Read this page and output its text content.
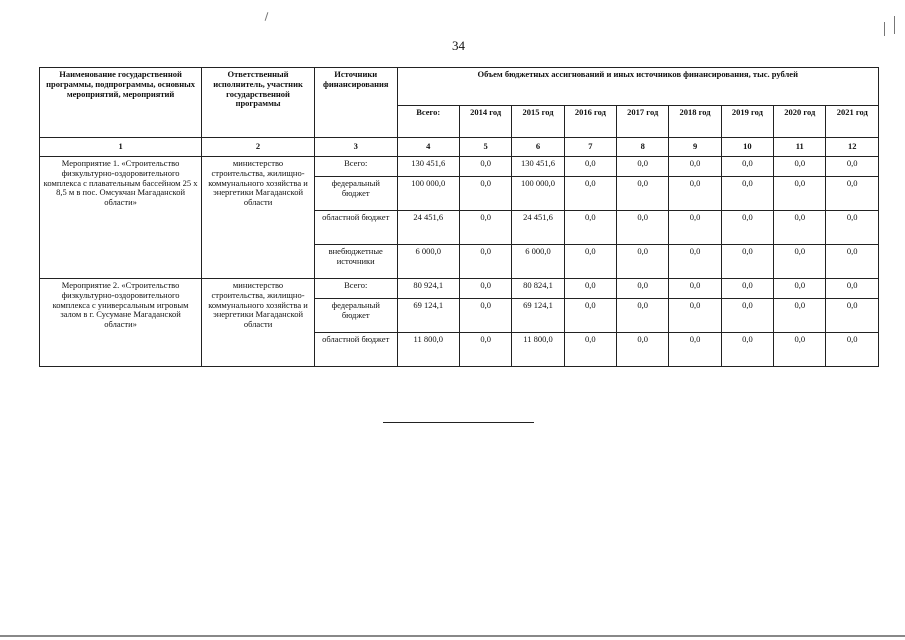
34
Наименование государственной программы, подпрограммы, основных мероприятий, мероприятий	Ответственный исполнитель, участник государственной программы	Источники финансирования	Объем бюджетных ассигнований и иных источников финансирования, тыс. рублей								
			Всего:	2014 год	2015 год	2016 год	2017 год	2018 год	2019 год	2020 год	2021 год
1	2	3	4	5	6	7	8	9	10	11	12
Мероприятие 1. «Строительство физкультурно-оздоровительного комплекса с плавательным бассейном 25 х 8,5 м в пос. Омсукчан Магаданской области»	министерство строительства, жилищно-коммунального хозяйства и энергетики Магаданской области	Всего:	130 451,6	0,0	130 451,6	0,0	0,0	0,0	0,0	0,0	0,0
		федеральный бюджет	100 000,0	0,0	100 000,0	0,0	0,0	0,0	0,0	0,0	0,0
		областной бюджет	24 451,6	0,0	24 451,6	0,0	0,0	0,0	0,0	0,0	0,0
		внебюджетные источники	6 000,0	0,0	6 000,0	0,0	0,0	0,0	0,0	0,0	0,0
Мероприятие 2. «Строительство физкультурно-оздоровительного комплекса с универсальным игровым залом в г. Сусумане Магаданской области»	министерство строительства, жилищно-коммунального хозяйства и энергетики Магаданской области	Всего:	80 924,1	0,0	80 824,1	0,0	0,0	0,0	0,0	0,0	0,0
		федеральный бюджет	69 124,1	0,0	69 124,1	0,0	0,0	0,0	0,0	0,0	0,0
		областной бюджет	11 800,0	0,0	11 800,0	0,0	0,0	0,0	0,0	0,0	0,0
